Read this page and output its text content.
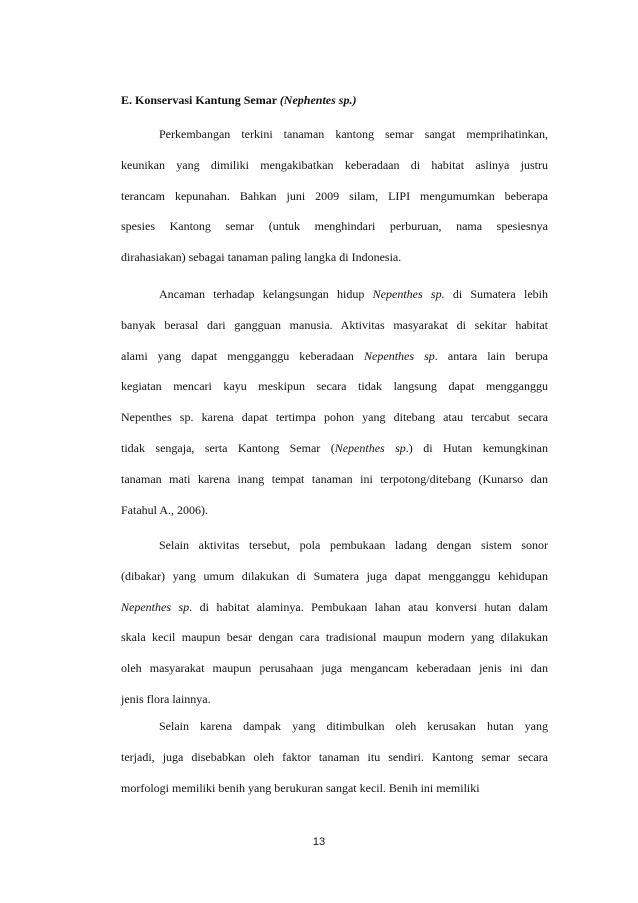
E. Konservasi Kantung Semar (Nephentes sp.)
Perkembangan terkini tanaman kantong semar sangat memprihatinkan,
keunikan yang dimiliki mengakibatkan keberadaan di habitat aslinya justru
terancam kepunahan. Bahkan juni 2009 silam, LIPI mengumumkan beberapa
spesies Kantong semar (untuk menghindari perburuan, nama spesiesnya
dirahasiakan) sebagai tanaman paling langka di Indonesia.
Ancaman terhadap kelangsungan hidup Nepenthes sp. di Sumatera lebih
banyak berasal dari gangguan manusia. Aktivitas masyarakat di sekitar habitat
alami yang dapat mengganggu keberadaan Nepenthes sp. antara lain berupa
kegiatan mencari kayu meskipun secara tidak langsung dapat mengganggu
Nepenthes sp. karena dapat tertimpa pohon yang ditebang atau tercabut secara
tidak sengaja, serta Kantong Semar (Nepenthes sp.) di Hutan kemungkinan
tanaman mati karena inang tempat tanaman ini terpotong/ditebang (Kunarso dan
Fatahul A., 2006).
Selain aktivitas tersebut, pola pembukaan ladang dengan sistem sonor
(dibakar) yang umum dilakukan di Sumatera juga dapat mengganggu kehidupan
Nepenthes sp. di habitat alaminya. Pembukaan lahan atau konversi hutan dalam
skala kecil maupun besar dengan cara tradisional maupun modern yang dilakukan
oleh masyarakat maupun perusahaan juga mengancam keberadaan jenis ini dan
jenis flora lainnya.
Selain karena dampak yang ditimbulkan oleh kerusakan hutan yang
terjadi, juga disebabkan oleh faktor tanaman itu sendiri. Kantong semar secara
morfologi memiliki benih yang berukuran sangat kecil. Benih ini memiliki
13
